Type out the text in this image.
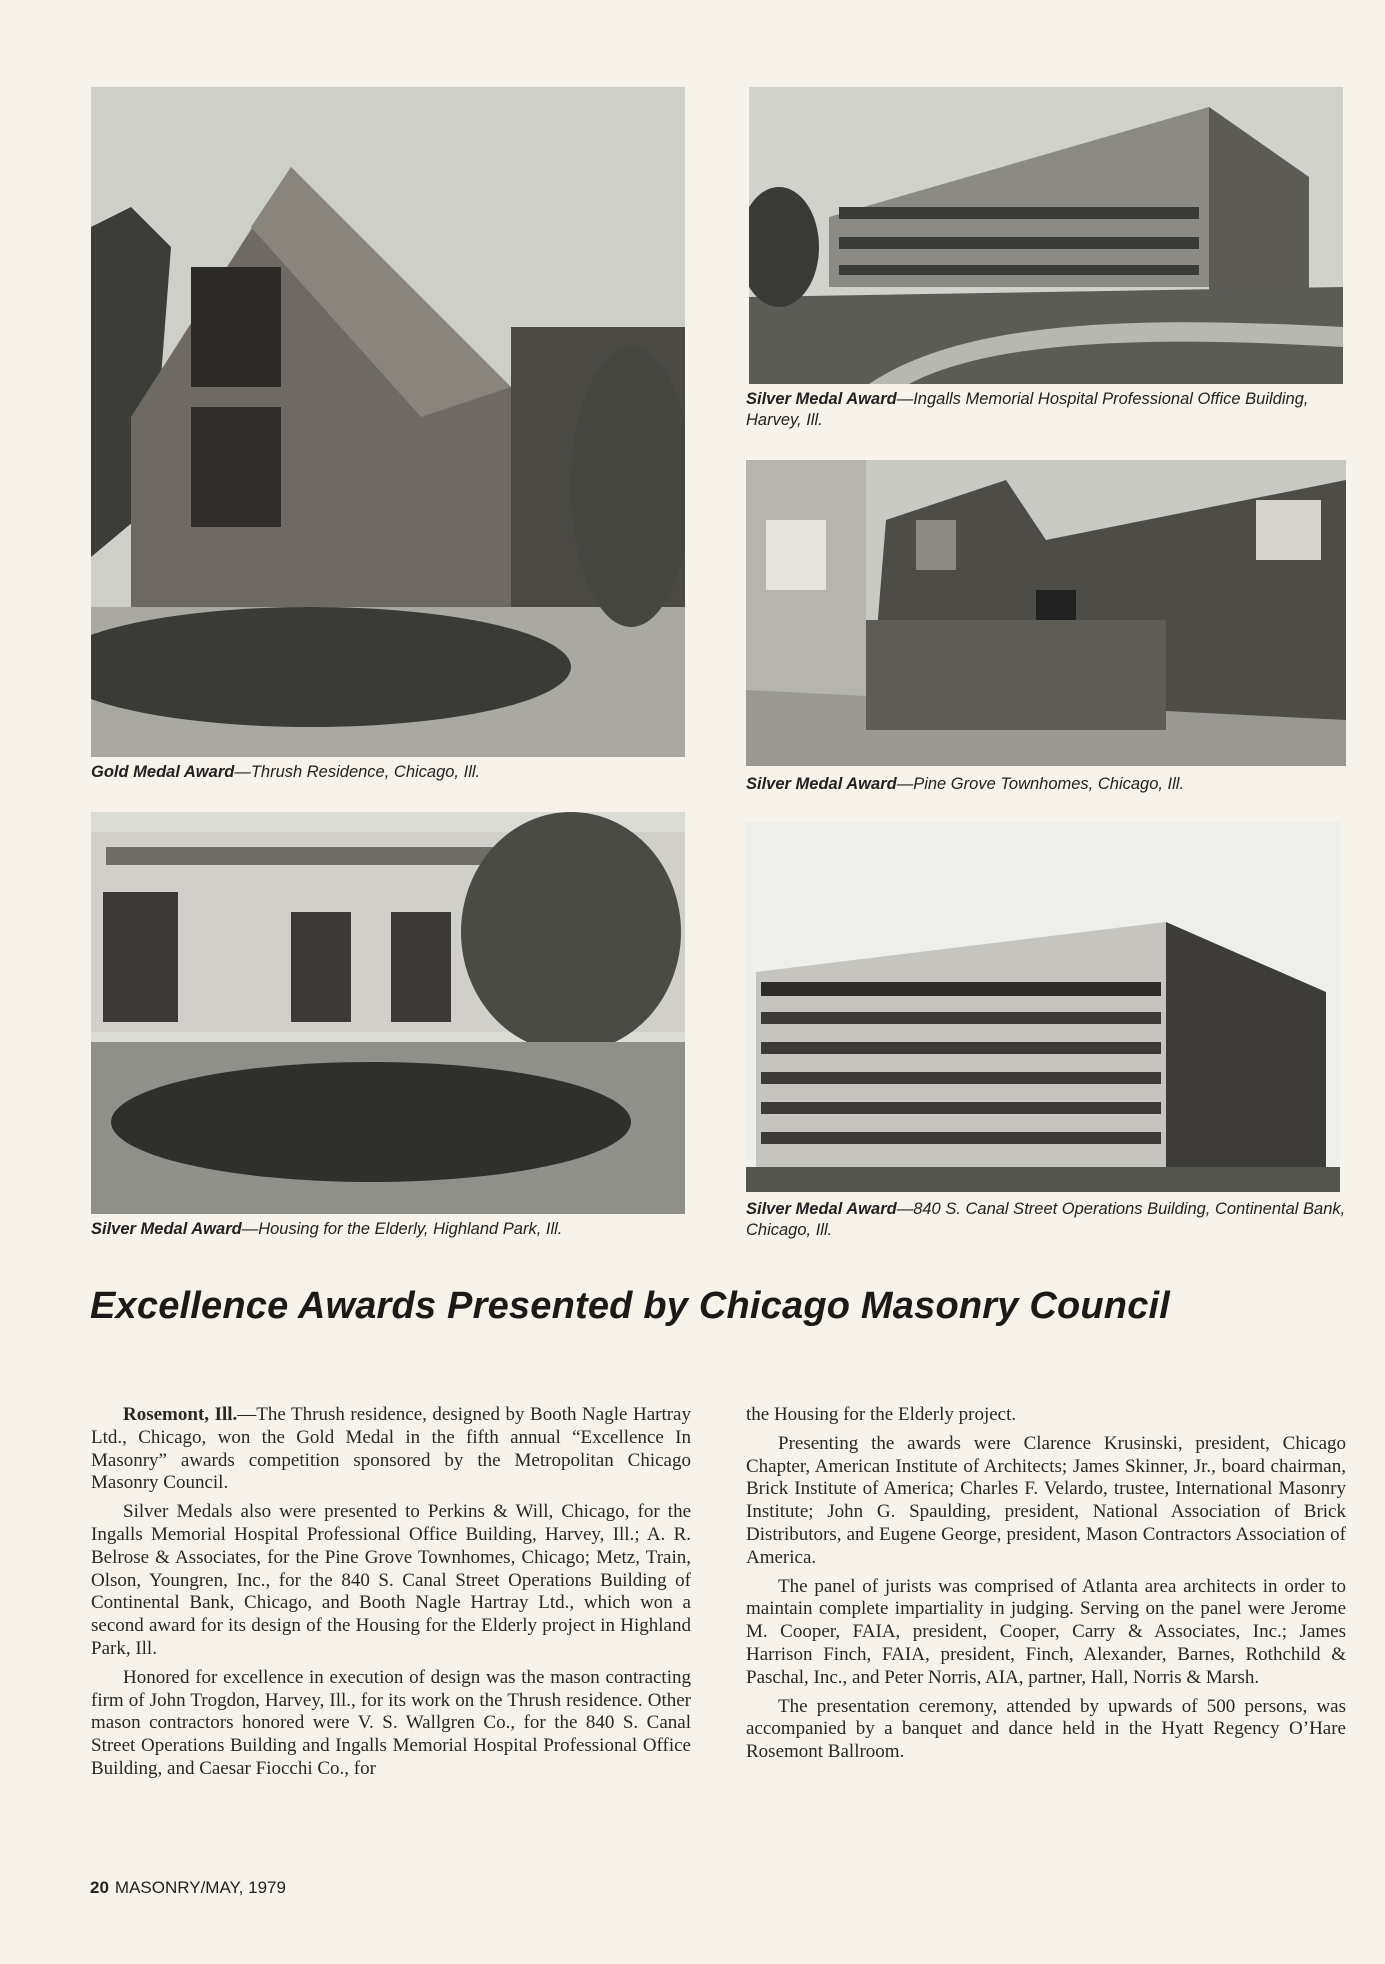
Gold Medal Award—Thrush Residence, Chicago, Ill.
Silver Medal Award—Ingalls Memorial Hospital Professional Office Building, Harvey, Ill.
Silver Medal Award—Pine Grove Townhomes, Chicago, Ill.
Silver Medal Award—Housing for the Elderly, Highland Park, Ill.
Silver Medal Award—840 S. Canal Street Operations Building, Continental Bank, Chicago, Ill.
Excellence Awards Presented by Chicago Masonry Council

Rosemont, Ill.—The Thrush residence, designed by Booth Nagle Hartray Ltd., Chicago, won the Gold Medal in the fifth annual “Excellence In Masonry” awards competition sponsored by the Metropolitan Chicago Masonry Council.

Silver Medals also were presented to Perkins & Will, Chicago, for the Ingalls Memorial Hospital Professional Office Building, Harvey, Ill.; A. R. Belrose & Associates, for the Pine Grove Townhomes, Chicago; Metz, Train, Olson, Youngren, Inc., for the 840 S. Canal Street Operations Building of Continental Bank, Chicago, and Booth Nagle Hartray Ltd., which won a second award for its design of the Housing for the Elderly project in Highland Park, Ill.

Honored for excellence in execution of design was the mason contracting firm of John Trogdon, Harvey, Ill., for its work on the Thrush residence. Other mason contractors honored were V. S. Wallgren Co., for the 840 S. Canal Street Operations Building and Ingalls Memorial Hospital Professional Office Building, and Caesar Fiocchi Co., for

the Housing for the Elderly project.

Presenting the awards were Clarence Krusinski, president, Chicago Chapter, American Institute of Architects; James Skinner, Jr., board chairman, Brick Institute of America; Charles F. Velardo, trustee, International Masonry Institute; John G. Spaulding, president, National Association of Brick Distributors, and Eugene George, president, Mason Contractors Association of America.

The panel of jurists was comprised of Atlanta area architects in order to maintain complete impartiality in judging. Serving on the panel were Jerome M. Cooper, FAIA, president, Cooper, Carry & Associates, Inc.; James Harrison Finch, FAIA, president, Finch, Alexander, Barnes, Rothchild & Paschal, Inc., and Peter Norris, AIA, partner, Hall, Norris & Marsh.

The presentation ceremony, attended by upwards of 500 persons, was accompanied by a banquet and dance held in the Hyatt Regency O’Hare Rosemont Ballroom.

20 MASONRY/MAY, 1979
